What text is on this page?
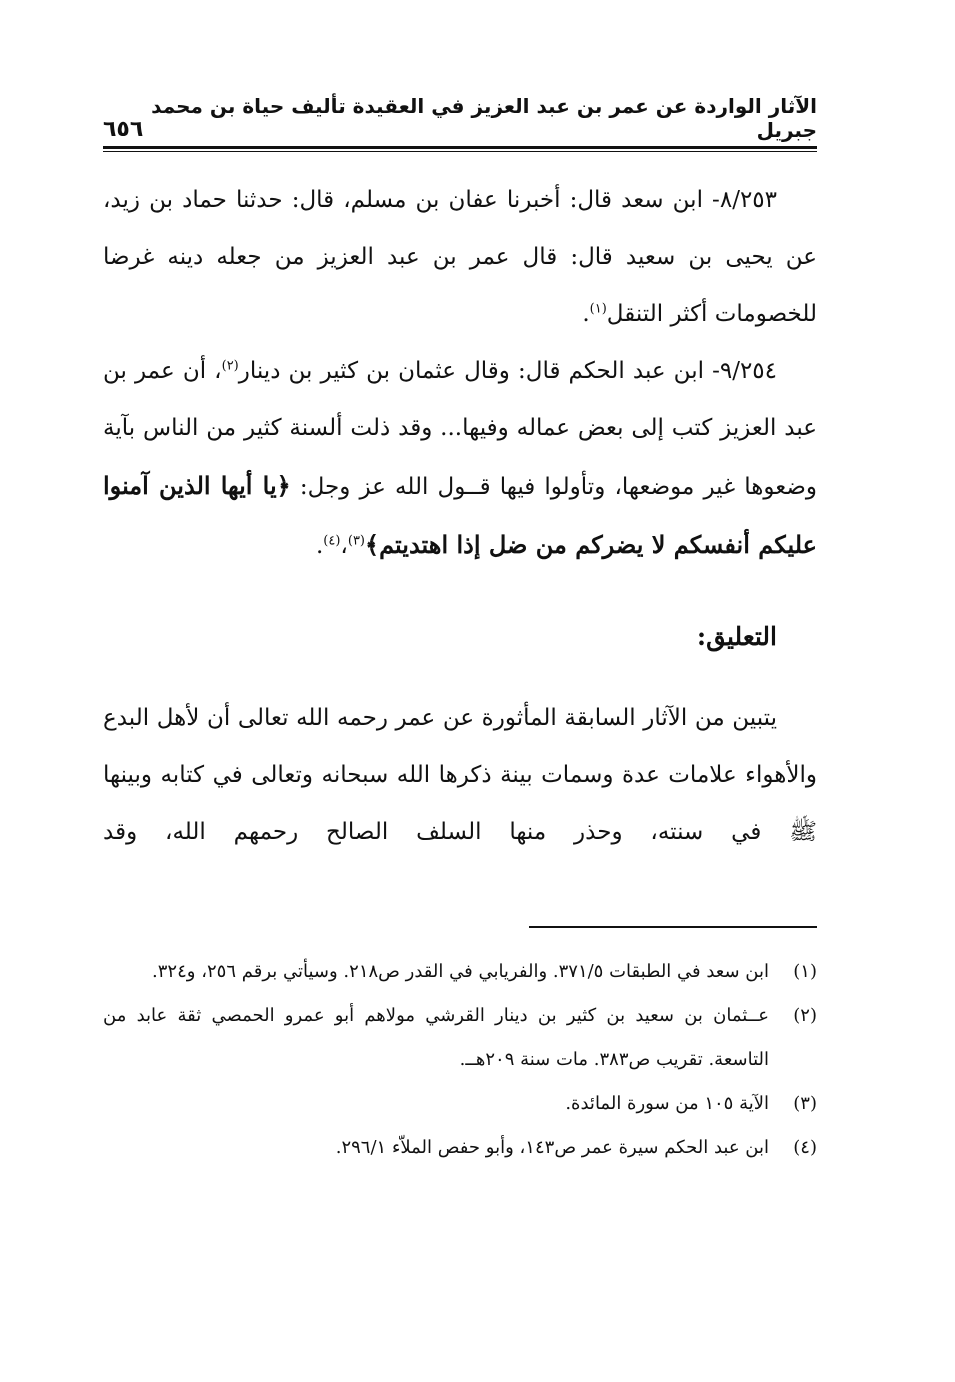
الآثار الواردة عن عمر بن عبد العزيز في العقيدة تأليف حياة بن محمد جبريل
٦٥٦

٨/٢٥٣- ابن سعد قال: أخبرنا عفان بن مسلم، قال: حدثنا حماد بن زيد، عن يحيى بن سعيد قال: قال عمر بن عبد العزيز من جعله دينه غرضا للخصومات أكثر التنقل$^{(١)}$.

٩/٢٥٤- ابن عبد الحكم قال: وقال عثمان بن كثير بن دينار$^{(٢)}$، أن عمر بن عبد العزيز كتب إلى بعض عماله وفيها... وقد ذلت ألسنة كثير من الناس بآية وضعوها غير موضعها، وتأولوا فيها قــول الله عز وجل: ﴿يا أيها الذين آمنوا عليكم أنفسكم لا يضركم من ضل إذا اهتديتم﴾$^{(٣)}$،$^{(٤)}$.

التعليق:

يتبين من الآثار السابقة المأثورة عن عمر رحمه الله تعالى أن لأهل البدع والأهواء علامات عدة وسمات بينة ذكرها الله سبحانه وتعالى في كتابه وبينها ﷺ في سنته، وحذر منها السلف الصالح رحمهم الله، وقد

(١)
ابن سعد في الطبقات ٣٧١/٥. والفريابي في القدر ص٢١٨. وسيأتي برقم ٢٥٦، و٣٢٤.
(٢)
عــثمان بن سعيد بن كثير بن دينار القرشي مولاهم أبو عمرو الحمصي ثقة عابد من التاسعة. تقريب ص٣٨٣. مات سنة ٢٠٩هــ.
(٣)
الآية ١٠٥ من سورة المائدة.
(٤)
ابن عبد الحكم سيرة عمر ص١٤٣، وأبو حفص الملاّء ٢٩٦/١.
